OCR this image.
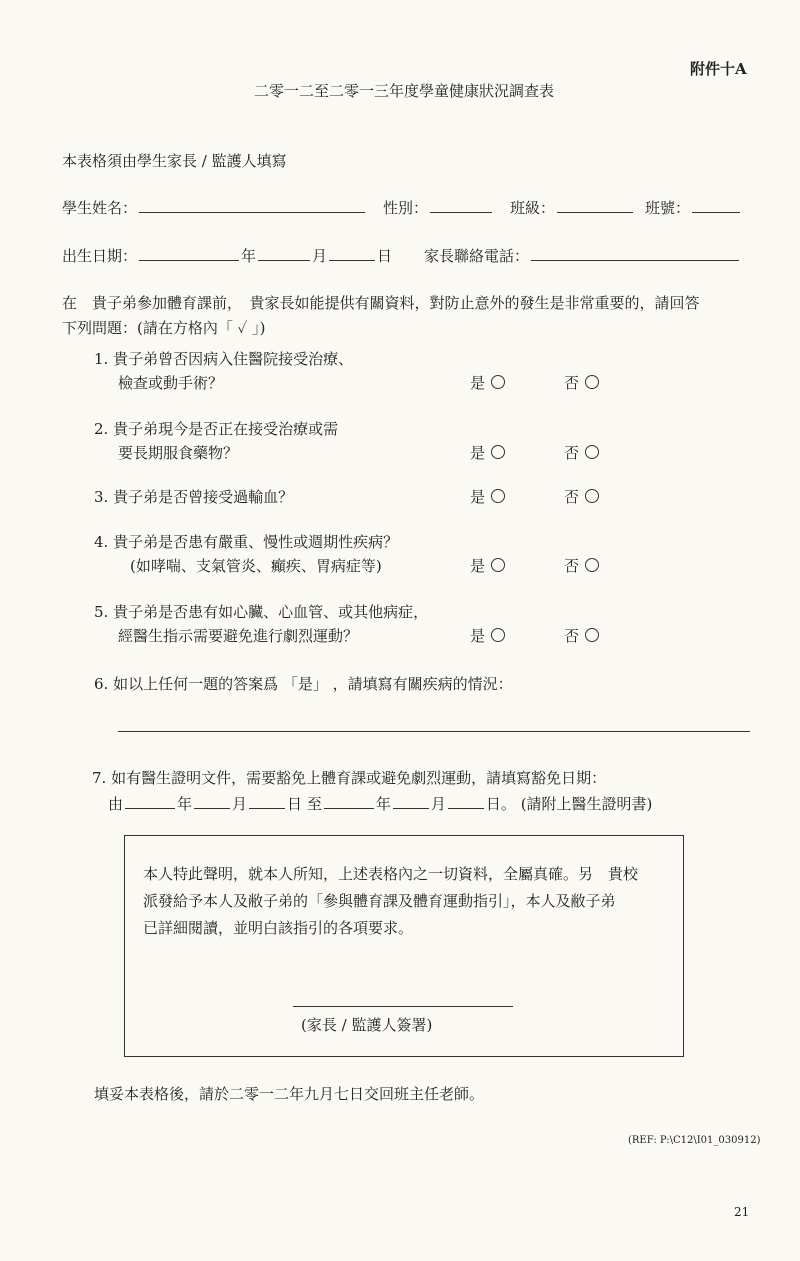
附件十A
二零一二至二零一三年度學童健康狀況調查表
本表格須由學生家長 / 監護人填寫
學生姓名：	性別：	班級：	班號：
出生日期：	年	月	日 家長聯絡電話：
在　貴子弟參加體育課前，　貴家長如能提供有關資料，對防止意外的發生是非常重要的，請回答
下列問題：(請在方格內「 ✓ 」)
1. 貴子弟曾否因病入住醫院接受治療、
檢查或動手術？	是	否
2. 貴子弟現今是否正在接受治療或需
要長期服食藥物？	是	否
3. 貴子弟是否曾接受過輸血？	是	否
4. 貴子弟是否患有嚴重、慢性或週期性疾病？
(如哮喘、支氣管炎、癲疾、胃病症等)	是	否
5. 貴子弟是否患有如心臟、心血管、或其他病症，
經醫生指示需要避免進行劇烈運動？	是	否
6. 如以上任何一題的答案爲 「是」 ，請填寫有關疾病的情況：
7. 如有醫生證明文件，需要豁免上體育課或避免劇烈運動，請填寫豁免日期：
由	年	月	日 至	年	月	日。 (請附上醫生證明書)
本人特此聲明，就本人所知，上述表格內之一切資料，全屬真確。另　貴校
派發給予本人及敝子弟的「參與體育課及體育運動指引」，本人及敝子弟
已詳細閱讀，並明白該指引的各項要求。
(家長 / 監護人簽署)
填妥本表格後，請於二零一二年九月七日交回班主任老師。
(REF: P:\C12\I01_030912)
21
